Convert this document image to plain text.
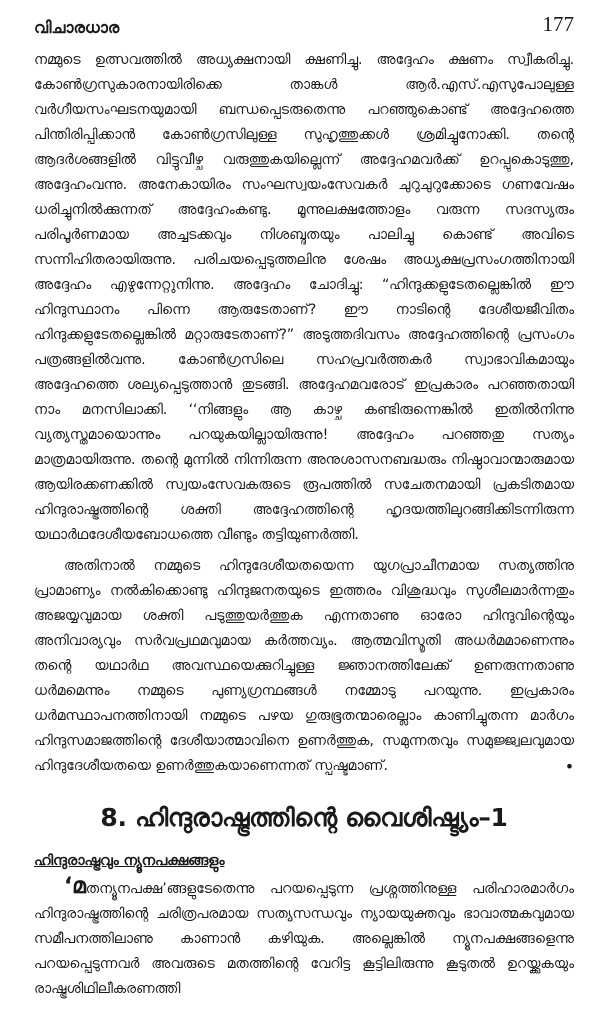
വിചാരധാര	177

നമ്മുടെ ഉത്സവത്തിൽ അധ്യക്ഷനായി ക്ഷണിച്ചു. അദ്ദേഹം ക്ഷണം സ്വീകരിച്ചു. കോൺഗ്രസുകാരനായിരിക്കെ താങ്കൾ ആർ.എസ്.എസുപോലുള്ള വർഗീയസംഘടനയുമായി ബന്ധപ്പെടരുതെന്നു പറഞ്ഞുകൊണ്ട് അദ്ദേഹത്തെ പിന്തിരിപ്പിക്കാൻ കോൺഗ്രസിലുള്ള സുഹൃത്തുക്കൾ ശ്രമിച്ചുനോക്കി. തന്റെ ആദർശങ്ങളിൽ വിട്ടുവീഴ്ച വരുത്തുകയില്ലെന്ന് അദ്ദേഹമവർക്ക് ഉറപ്പുകൊടുത്തു, അദ്ദേഹംവന്നു. അനേകായിരം സംഘസ്വയംസേവകർ ചുറുചുറുക്കോടെ ഗണവേഷം ധരിച്ചുനിൽക്കുന്നത് അദ്ദേഹംകണ്ടു. മൂന്നുലക്ഷത്തോളം വരുന്ന സദസ്യരും പരിപൂർണമായ അച്ചടക്കവും നിശബ്ദതയും പാലിച്ചു കൊണ്ട് അവിടെ സന്നിഹിതരായിരുന്നു. പരിചയപ്പെടുത്തലിനു ശേഷം അധ്യക്ഷപ്രസംഗത്തിനായി അദ്ദേഹം എഴുന്നേറ്റുനിന്നു. അദ്ദേഹം ചോദിച്ചു: “ഹിന്ദുക്കളുടേതല്ലെങ്കിൽ ഈ ഹിന്ദുസ്ഥാനം പിന്നെ ആരുടേതാണ്? ഈ നാടിന്റെ ദേശീയജീവിതം ഹിന്ദുക്കളുടേതല്ലെങ്കിൽ മറ്റാരുടേതാണ്?” അടുത്തദിവസം അദ്ദേഹത്തിന്റെ പ്രസംഗം പത്രങ്ങളിൽവന്നു. കോൺഗ്രസിലെ സഹപ്രവർത്തകർ സ്വാഭാവികമായും അദ്ദേഹത്തെ ശല്യപ്പെടുത്താൻ തുടങ്ങി. അദ്ദേഹമവരോട് ഇപ്രകാരം പറഞ്ഞതായി നാം മനസിലാക്കി. ‘‘നിങ്ങളും ആ കാഴ്ച കണ്ടിരുന്നെങ്കിൽ ഇതിൽനിന്നു വ്യത്യസ്തമായൊന്നും പറയുകയില്ലായിരുന്നു! അദ്ദേഹം പറഞ്ഞതു സത്യം മാത്രമായിരുന്നു. തന്റെ മുന്നിൽ നിന്നിരുന്ന അനുശാസനബദ്ധരും നിഷ്ഠാവാന്മാരുമായ ആയിരക്കണക്കിൽ സ്വയംസേവകരുടെ രൂപത്തിൽ സചേതനമായി പ്രകടിതമായ ഹിന്ദുരാഷ്ട്രത്തിന്റെ ശക്തി അദ്ദേഹത്തിന്റെ ഹൃദയത്തിലുറങ്ങിക്കിടന്നിരുന്ന യഥാർഥദേശീയബോധത്തെ വീണ്ടും തട്ടിയുണർത്തി.

അതിനാൽ നമ്മുടെ ഹിന്ദുദേശീയതയെന്ന യുഗപ്രാചീനമായ സത്യത്തിനു പ്രാമാണ്യം നൽകിക്കൊണ്ടു ഹിന്ദുജനതയുടെ ഇത്തരം വിശുദ്ധവും സുശീലമാർന്നതും അജയ്യവുമായ ശക്തി പടുത്തുയർത്തുക എന്നതാണു ഓരോ ഹിന്ദുവിന്റെയും അനിവാര്യവും സർവപ്രഥമവുമായ കർത്തവ്യം. ആത്മവിസ്മൃതി അധർമമാണെന്നും തന്റെ യഥാർഥ അവസ്ഥയെക്കുറിച്ചുള്ള ജ്ഞാനത്തിലേക്ക് ഉണരുന്നതാണു ധർമമെന്നും നമ്മുടെ പുണ്യഗ്രന്ഥങ്ങൾ നമ്മോടു പറയുന്നു. ഇപ്രകാരം ധർമസ്ഥാപനത്തിനായി നമ്മുടെ പഴയ ഗുരുഭൂതന്മാരെല്ലാം കാണിച്ചുതന്ന മാർഗം ഹിന്ദുസമാജത്തിന്റെ ദേശീയാത്മാവിനെ ഉണർത്തുക, സമുന്നതവും സമുജ്ജ്വലവുമായ ഹിന്ദുദേശീയതയെ ഉണർത്തുകയാണെന്നത് സ്പഷ്ടമാണ്.	•

8. ഹിന്ദുരാഷ്ട്രത്തിന്റെ വൈശിഷ്ട്യം–1
ഹിന്ദുരാഷ്ട്രവും ന്യൂനപക്ഷങ്ങളും

‘മതന്യൂനപക്ഷ’ങ്ങളുടേതെന്നു പറയപ്പെടുന്ന പ്രശ്നത്തിനുള്ള പരിഹാരമാർഗം ഹിന്ദുരാഷ്ട്രത്തിന്റെ ചരിത്രപരമായ സത്യസന്ധവും ന്യായയുക്തവും ഭാവാത്മകവുമായ സമീപനത്തിലാണു കാണാൻ കഴിയുക. അല്ലെങ്കിൽ ന്യൂനപക്ഷങ്ങളെന്നു പറയപ്പെടുന്നവർ അവരുടെ മതത്തിന്റെ വേറിട്ട കൂട്ടിലിരുന്നു കൂടുതൽ ഉറയ്ക്കുകയും രാഷ്ട്രശിഥിലീകരണത്തി
